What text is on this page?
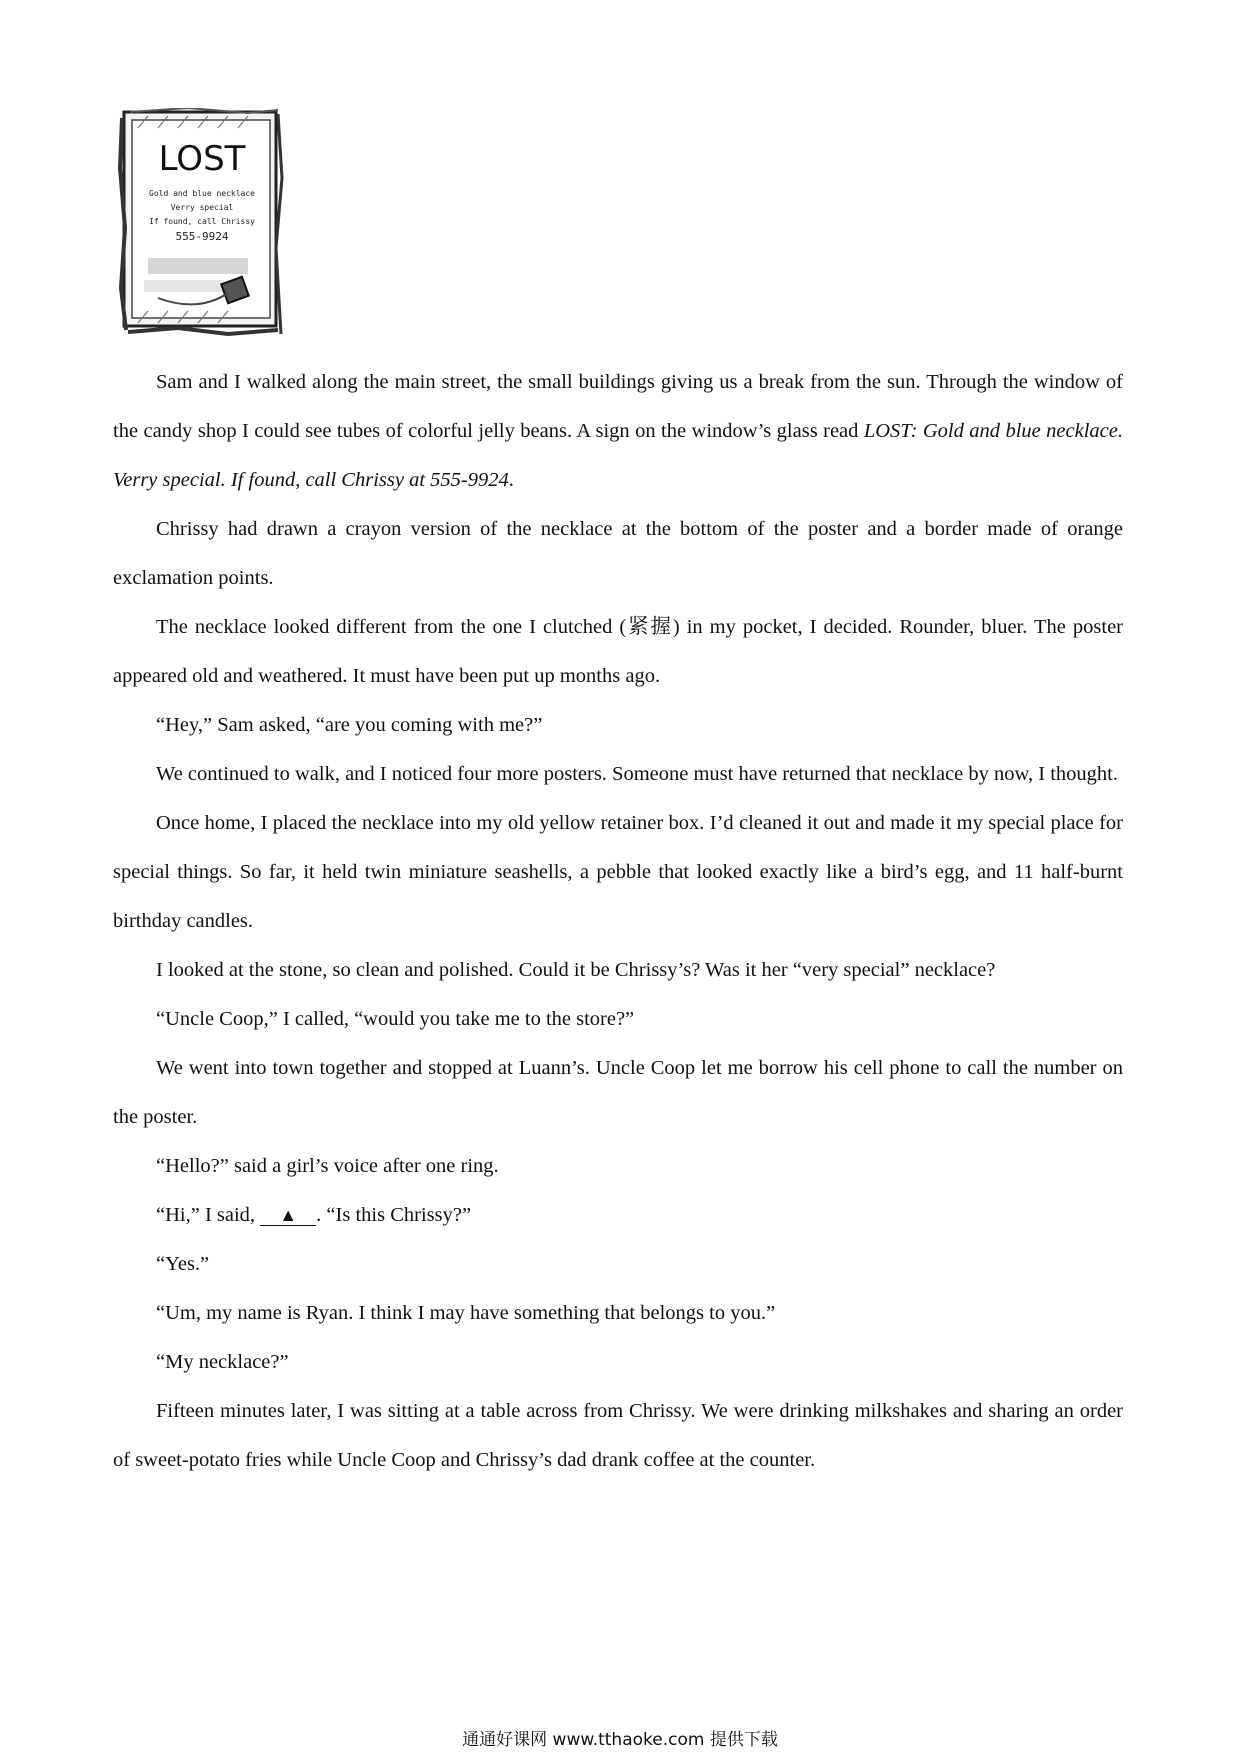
LOST
Gold and blue necklace
Verry special
If found, call Chrissy
555-9924

Sam and I walked along the main street, the small buildings giving us a break from the sun. Through the window of the candy shop I could see tubes of colorful jelly beans. A sign on the window’s glass read LOST: Gold and blue necklace. Verry special. If found, call Chrissy at 555-9924.

Chrissy had drawn a crayon version of the necklace at the bottom of the poster and a border made of orange exclamation points.

The necklace looked different from the one I clutched (紧握) in my pocket, I decided. Rounder, bluer. The poster appeared old and weathered. It must have been put up months ago.

“Hey,” Sam asked, “are you coming with me?”

We continued to walk, and I noticed four more posters. Someone must have returned that necklace by now, I thought.

Once home, I placed the necklace into my old yellow retainer box. I’d cleaned it out and made it my special place for special things. So far, it held twin miniature seashells, a pebble that looked exactly like a bird’s egg, and 11 half-burnt birthday candles.

I looked at the stone, so clean and polished. Could it be Chrissy’s? Was it her “very special” necklace?

“Uncle Coop,” I called, “would you take me to the store?”

We went into town together and stopped at Luann’s. Uncle Coop let me borrow his cell phone to call the number on the poster.

“Hello?” said a girl’s voice after one ring.

“Hi,” I said, ▲ . “Is this Chrissy?”

“Yes.”

“Um, my name is Ryan. I think I may have something that belongs to you.”

“My necklace?”

Fifteen minutes later, I was sitting at a table across from Chrissy. We were drinking milkshakes and sharing an order of sweet-potato fries while Uncle Coop and Chrissy’s dad drank coffee at the counter.

通通好课网 www.tthaoke.com 提供下载
